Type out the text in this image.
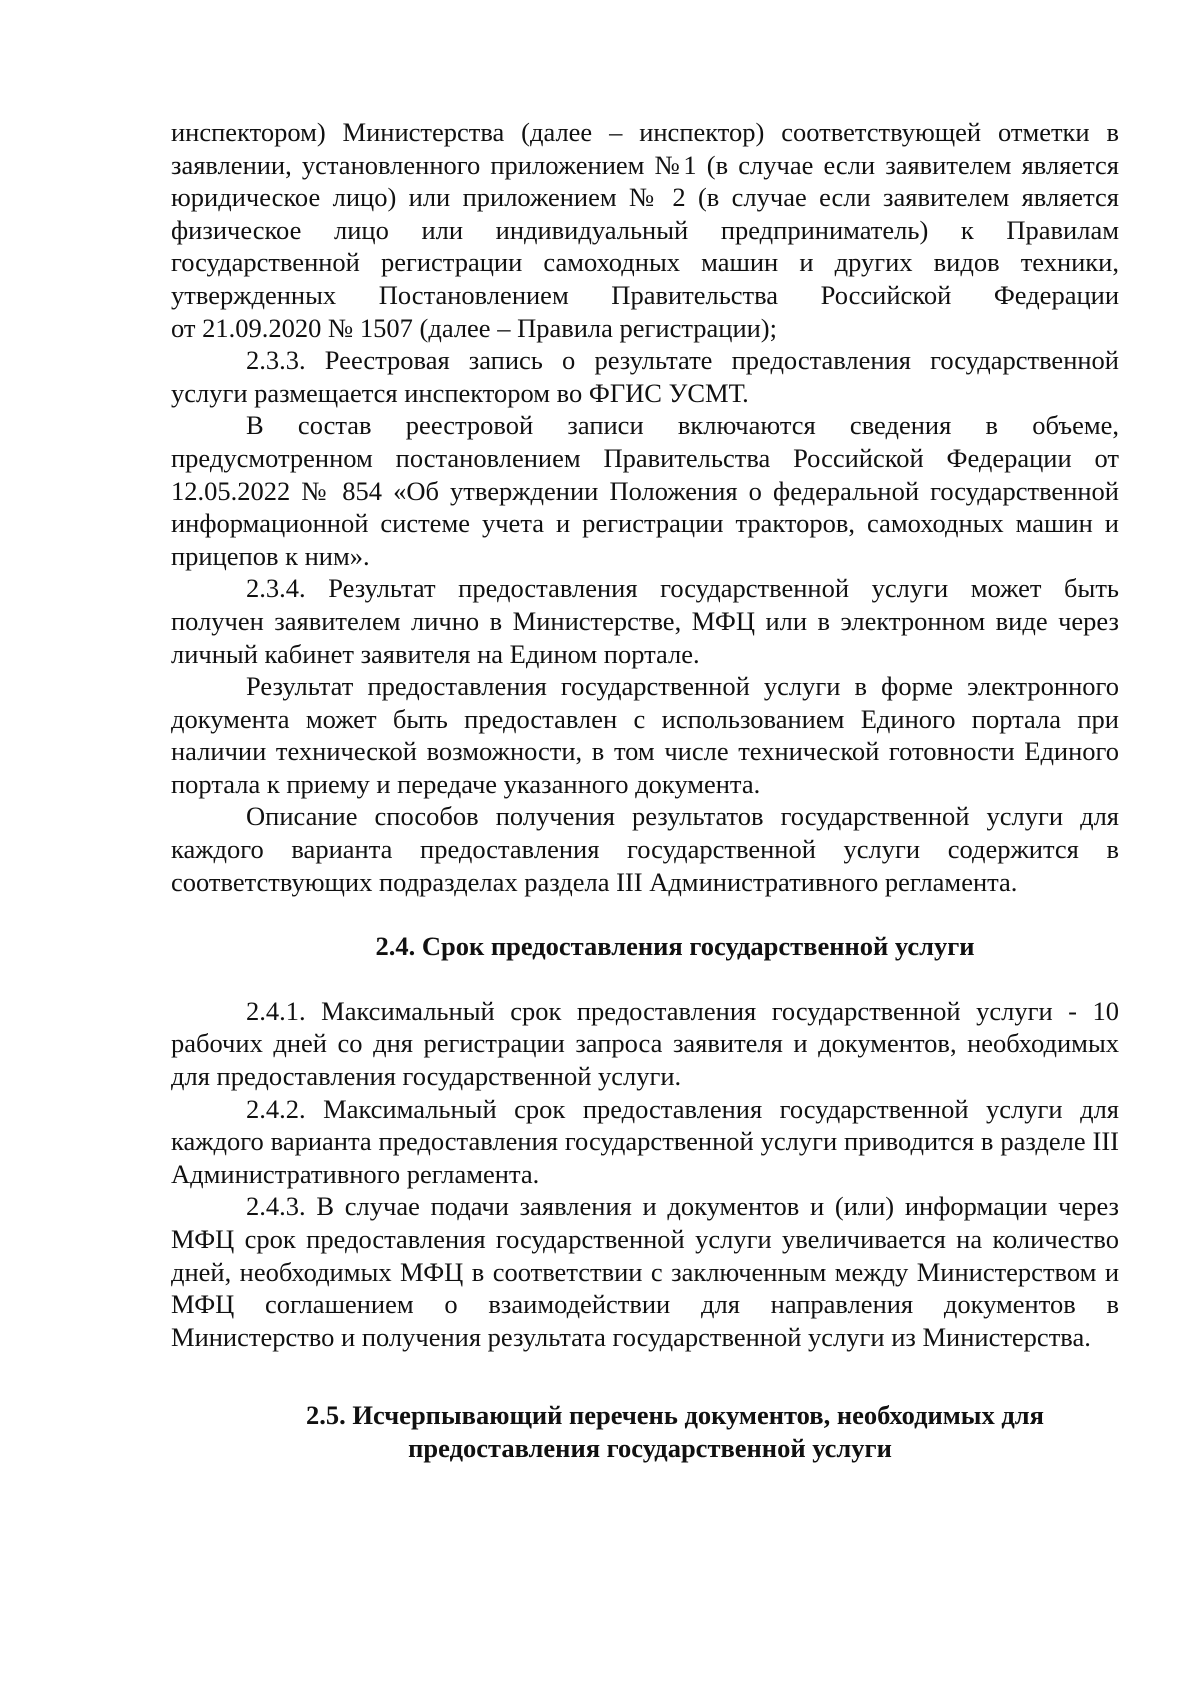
инспектором) Министерства (далее – инспектор) соответствующей отметки в заявлении, установленного приложением №1 (в случае если заявителем является юридическое лицо) или приложением № 2 (в случае если заявителем является физическое лицо или индивидуальный предприниматель) к Правилам государственной регистрации самоходных машин и других видов техники, утвержденных Постановлением Правительства Российской Федерации

от 21.09.2020 № 1507 (далее – Правила регистрации);

2.3.3. Реестровая запись о результате предоставления государственной услуги размещается инспектором во ФГИС УСМТ.

В состав реестровой записи включаются сведения в объеме, предусмотренном постановлением Правительства Российской Федерации от 12.05.2022 № 854 «Об утверждении Положения о федеральной государственной информационной системе учета и регистрации тракторов, самоходных машин и прицепов к ним».

2.3.4. Результат предоставления государственной услуги может быть получен заявителем лично в Министерстве, МФЦ или в электронном виде через личный кабинет заявителя на Едином портале.

Результат предоставления государственной услуги в форме электронного документа может быть предоставлен с использованием Единого портала при наличии технической возможности, в том числе технической готовности Единого портала к приему и передаче указанного документа.

Описание способов получения результатов государственной услуги для каждого варианта предоставления государственной услуги содержится в соответствующих подразделах раздела III Административного регламента.

2.4. Срок предоставления государственной услуги

2.4.1. Максимальный срок предоставления государственной услуги - 10 рабочих дней со дня регистрации запроса заявителя и документов, необходимых для предоставления государственной услуги.

2.4.2. Максимальный срок предоставления государственной услуги для каждого варианта предоставления государственной услуги приводится в разделе III Административного регламента.

2.4.3. В случае подачи заявления и документов и (или) информации через МФЦ срок предоставления государственной услуги увеличивается на количество дней, необходимых МФЦ в соответствии с заключенным между Министерством и МФЦ соглашением о взаимодействии для направления документов в Министерство и получения результата государственной услуги из Министерства.

2.5. Исчерпывающий перечень документов, необходимых для
предоставления государственной услуги
